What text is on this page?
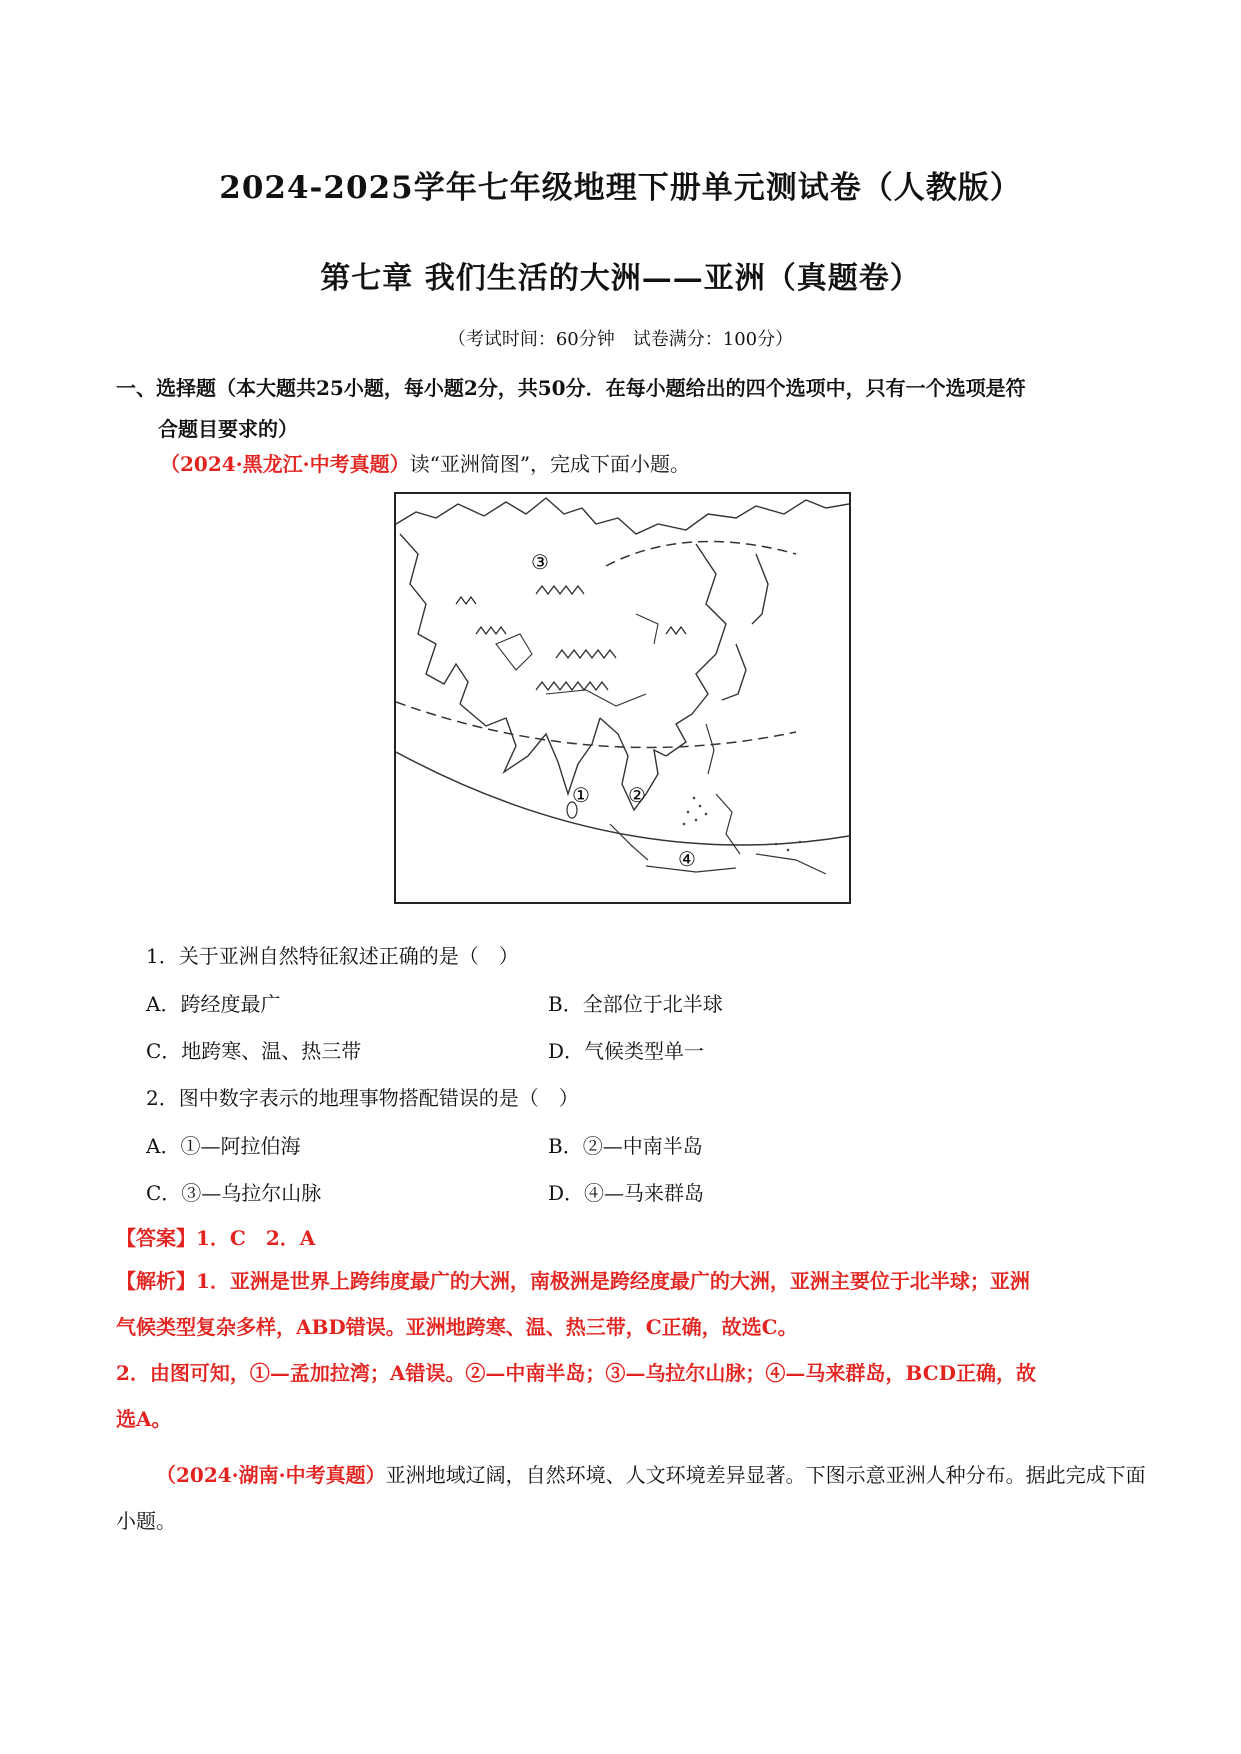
2024-2025学年七年级地理下册单元测试卷（人教版）
第七章 我们生活的大洲——亚洲（真题卷）
（考试时间：60分钟　试卷满分：100分）
一、选择题（本大题共25小题，每小题2分，共50分．在每小题给出的四个选项中，只有一个选项是符
合题目要求的）
（2024·黑龙江·中考真题）读“亚洲简图”，完成下面小题。
③
① ②
④
1．关于亚洲自然特征叙述正确的是（　）
A．跨经度最广	B．全部位于北半球
C．地跨寒、温、热三带	D．气候类型单一
2．图中数字表示的地理事物搭配错误的是（　）
A．①—阿拉伯海	B．②—中南半岛
C．③—乌拉尔山脉	D．④—马来群岛
【答案】1．C　2．A
【解析】1．亚洲是世界上跨纬度最广的大洲，南极洲是跨经度最广的大洲，亚洲主要位于北半球；亚洲
气候类型复杂多样，ABD错误。亚洲地跨寒、温、热三带，C正确，故选C。
2．由图可知，①—孟加拉湾；A错误。②—中南半岛；③—乌拉尔山脉；④—马来群岛，BCD正确，故
选A。
（2024·湖南·中考真题）亚洲地域辽阔，自然环境、人文环境差异显著。下图示意亚洲人种分布。据此完成下面小题。
